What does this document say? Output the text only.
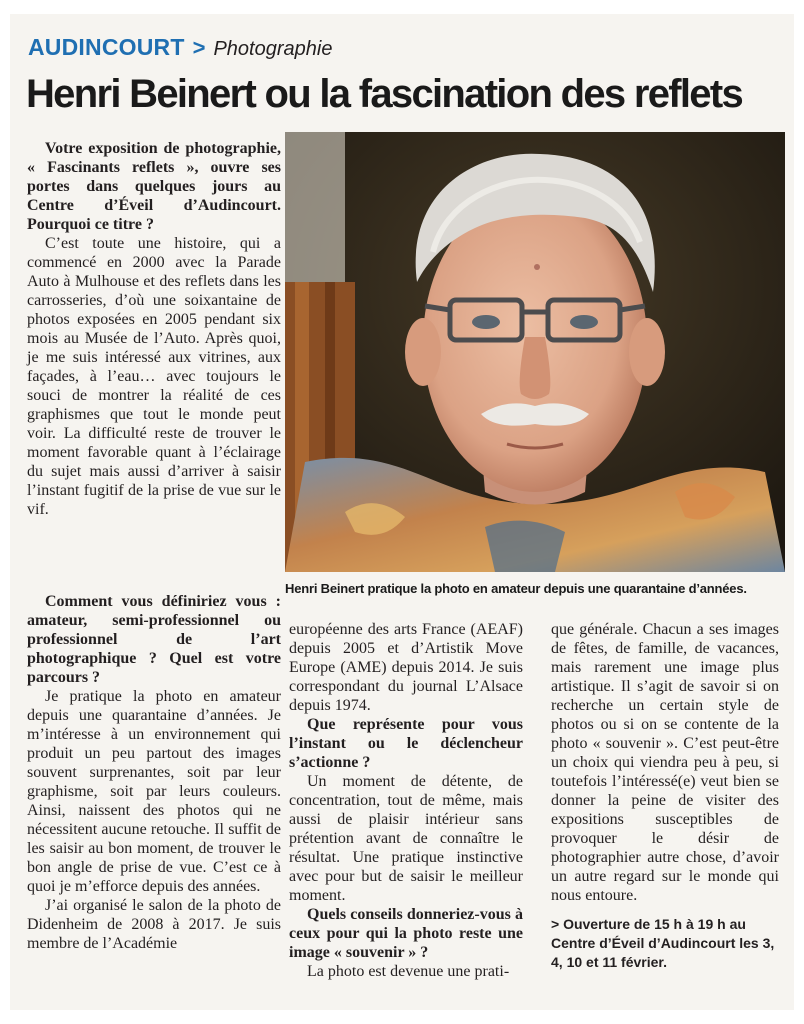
AUDINCOURT > Photographie
Henri Beinert ou la fascination des reflets

Votre exposition de photographie, « Fascinants reflets », ouvre ses portes dans quelques jours au Centre d’Éveil d’Audincourt. Pourquoi ce titre ?

C’est toute une histoire, qui a commencé en 2000 avec la Parade Auto à Mulhouse et des reflets dans les carrosseries, d’où une soixantaine de photos exposées en 2005 pendant six mois au Musée de l’Auto. Après quoi, je me suis intéressé aux vitrines, aux façades, à l’eau… avec toujours le souci de montrer la réalité de ces graphismes que tout le monde peut voir. La difficulté reste de trouver le moment favorable quant à l’éclairage du sujet mais aussi d’arriver à saisir l’instant fugitif de la prise de vue sur le vif.

Henri Beinert pratique la photo en amateur depuis une quarantaine d’années.

Comment vous définiriez vous : amateur, semi-professionnel ou professionnel de l’art photographique ? Quel est votre parcours ?

Je pratique la photo en amateur depuis une quarantaine d’années. Je m’intéresse à un environnement qui produit un peu partout des images souvent surprenantes, soit par leur graphisme, soit par leurs couleurs. Ainsi, naissent des photos qui ne nécessitent aucune retouche. Il suffit de les saisir au bon moment, de trouver le bon angle de prise de vue. C’est ce à quoi je m’efforce depuis des années.

J’ai organisé le salon de la photo de Didenheim de 2008 à 2017. Je suis membre de l’Académie

européenne des arts France (AEAF) depuis 2005 et d’Artistik Move Europe (AME) depuis 2014. Je suis correspondant du journal L’Alsace depuis 1974.

Que représente pour vous l’instant ou le déclencheur s’actionne ?

Un moment de détente, de concentration, tout de même, mais aussi de plaisir intérieur sans prétention avant de connaître le résultat. Une pratique instinctive avec pour but de saisir le meilleur moment.

Quels conseils donneriez-vous à ceux pour qui la photo reste une image « souvenir » ?

La photo est devenue une prati-

que générale. Chacun a ses images de fêtes, de famille, de vacances, mais rarement une image plus artistique. Il s’agit de savoir si on recherche un certain style de photos ou si on se contente de la photo « souvenir ». C’est peut-être un choix qui viendra peu à peu, si toutefois l’intéressé(e) veut bien se donner la peine de visiter des expositions susceptibles de provoquer le désir de photographier autre chose, d’avoir un autre regard sur le monde qui nous entoure.

> Ouverture de 15 h à 19 h au Centre d’Éveil d’Audincourt les 3, 4, 10 et 11 février.
